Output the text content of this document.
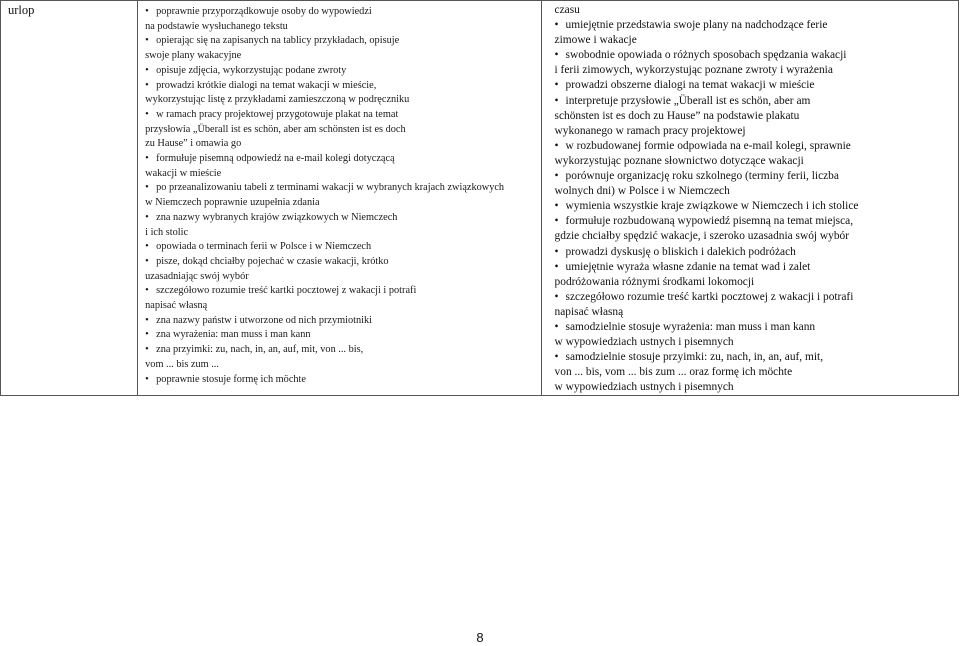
urlop

•poprawnie przyporządkowuje osoby do wypowiedzi
na podstawie wysłuchanego tekstu
• opierając się na zapisanych na tablicy przykładach, opisuje
swoje plany wakacyjne
• opisuje zdjęcia, wykorzystując podane zwroty
• prowadzi krótkie dialogi na temat wakacji w mieście,
wykorzystując listę z przykładami zamieszczoną w podręczniku
• w ramach pracy projektowej przygotowuje plakat na temat
przysłowia „Überall ist es schön, aber am schönsten ist es doch
zu Hause” i omawia go
• formułuje pisemną odpowiedź na e-mail kolegi dotyczącą
wakacji w mieście
• po przeanalizowaniu tabeli z terminami wakacji w wybranych krajach związkowych
w Niemczech poprawnie uzupełnia zdania
• zna nazwy wybranych krajów związkowych w Niemczech
i ich stolic
• opowiada o terminach ferii w Polsce i w Niemczech
• pisze, dokąd chciałby pojechać w czasie wakacji, krótko
uzasadniając swój wybór
• szczegółowo rozumie treść kartki pocztowej z wakacji i potrafi
napisać własną
• zna nazwy państw i utworzone od nich przymiotniki
• zna wyrażenia: man muss i man kann
• zna przyimki: zu, nach, in, an, auf, mit, von ... bis,
vom ... bis zum ...
• poprawnie stosuje formę ich möchte

czasu
• umiejętnie przedstawia swoje plany na nadchodzące ferie
zimowe i wakacje
• swobodnie opowiada o różnych sposobach spędzania wakacji
i ferii zimowych, wykorzystując poznane zwroty i wyrażenia
• prowadzi obszerne dialogi na temat wakacji w mieście
• interpretuje przysłowie „Überall ist es schön, aber am
schönsten ist es doch zu Hause” na podstawie plakatu
wykonanego w ramach pracy projektowej
• w rozbudowanej formie odpowiada na e-mail kolegi, sprawnie
wykorzystując poznane słownictwo dotyczące wakacji
• porównuje organizację roku szkolnego (terminy ferii, liczba
wolnych dni) w Polsce i w Niemczech
• wymienia wszystkie kraje związkowe w Niemczech i ich stolice
• formułuje rozbudowaną wypowiedź pisemną na temat miejsca,
gdzie chciałby spędzić wakacje, i szeroko uzasadnia swój wybór
• prowadzi dyskusję o bliskich i dalekich podróżach
• umiejętnie wyraża własne zdanie na temat wad i zalet
podróżowania różnymi środkami lokomocji
• szczegółowo rozumie treść kartki pocztowej z wakacji i potrafi
napisać własną
• samodzielnie stosuje wyrażenia: man muss i man kann
w wypowiedziach ustnych i pisemnych
• samodzielnie stosuje przyimki: zu, nach, in, an, auf, mit,
von ... bis, vom ... bis zum ... oraz formę ich möchte
w wypowiedziach ustnych i pisemnych
8
